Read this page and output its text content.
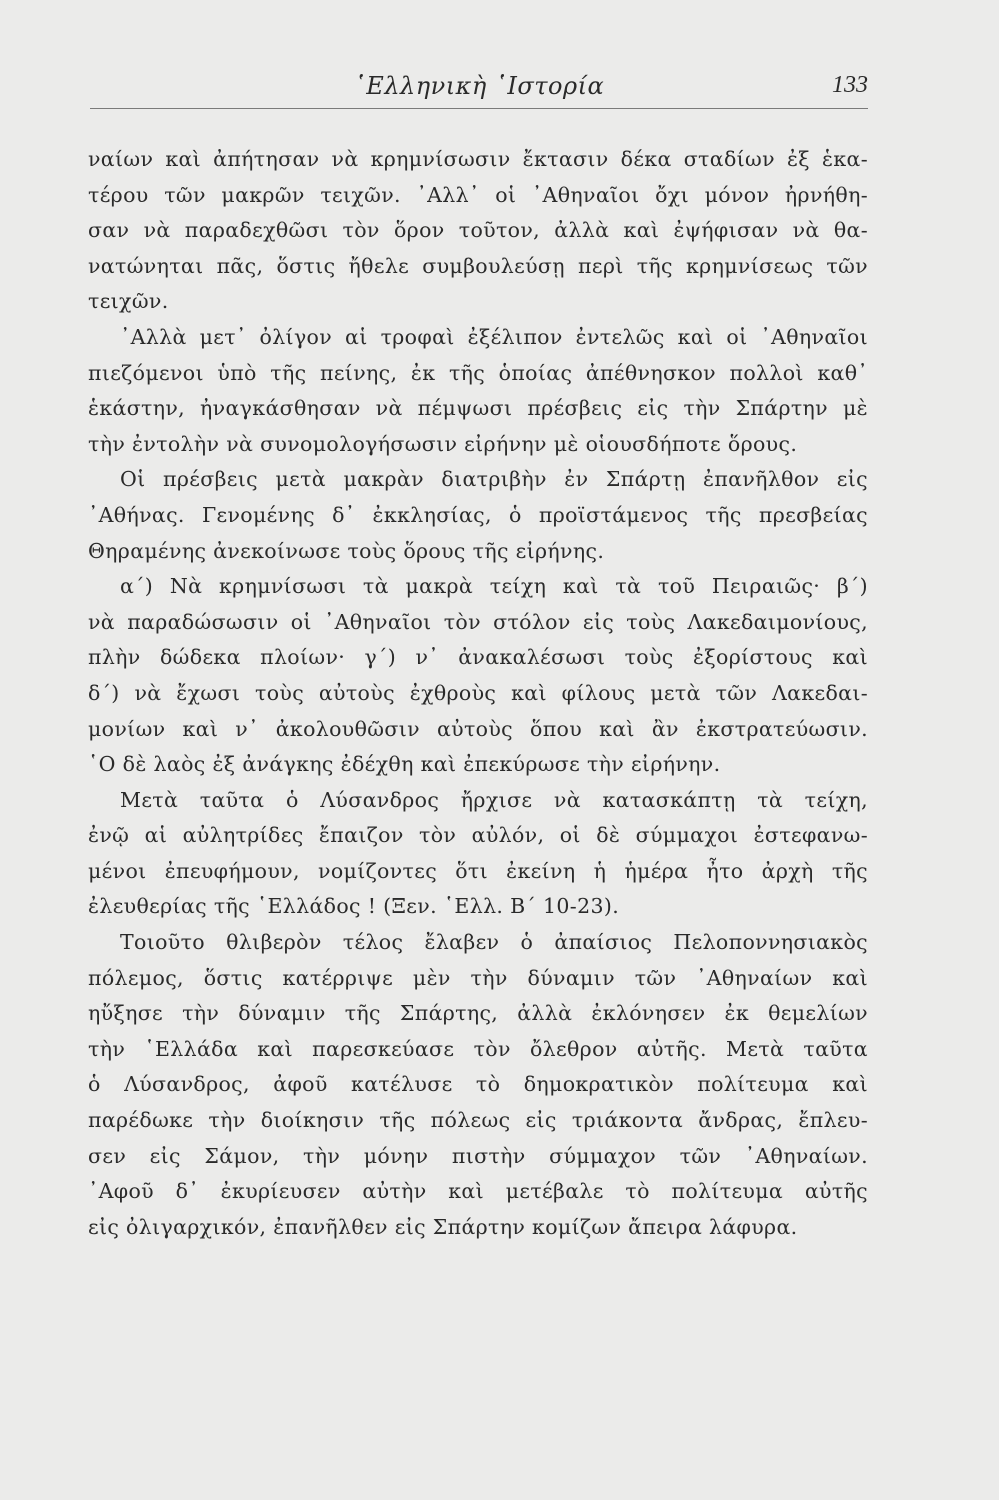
῾Ελληνικὴ ῾Ιστορία	133
ναίων καὶ ἀπήτησαν νὰ κρημνίσωσιν ἔκτασιν δέκα σταδίων ἐξ ἑκα-
τέρου τῶν μακρῶν τειχῶν. ᾿Αλλ᾿ οἱ ᾿Αθηναῖοι ὄχι μόνον ἠρνήθη-
σαν νὰ παραδεχθῶσι τὸν ὅρον τοῦτον, ἀλλὰ καὶ ἐψήφισαν νὰ θα-
νατώνηται πᾶς, ὅστις ἤθελε συμβουλεύσῃ περὶ τῆς κρημνίσεως τῶν
τειχῶν.
᾿Αλλὰ μετ᾿ ὀλίγον αἱ τροφαὶ ἐξέλιπον ἐντελῶς καὶ οἱ ᾿Αθηναῖοι
πιεζόμενοι ὑπὸ τῆς πείνης, ἐκ τῆς ὁποίας ἀπέθνησκον πολλοὶ καθ᾿
ἑκάστην, ἠναγκάσθησαν νὰ πέμψωσι πρέσβεις εἰς τὴν Σπάρτην μὲ
τὴν ἐντολὴν νὰ συνομολογήσωσιν εἰρήνην μὲ οἱουσδήποτε ὅρους.
Οἱ πρέσβεις μετὰ μακρὰν διατριβὴν ἐν Σπάρτῃ ἐπανῆλθον εἰς
᾿Αθήνας. Γενομένης δ᾿ ἐκκλησίας, ὁ προϊστάμενος τῆς πρεσβείας
Θηραμένης ἀνεκοίνωσε τοὺς ὅρους τῆς εἰρήνης.
α΄) Νὰ κρημνίσωσι τὰ μακρὰ τείχη καὶ τὰ τοῦ Πειραιῶς· β΄)
νὰ παραδώσωσιν οἱ ᾿Αθηναῖοι τὸν στόλον εἰς τοὺς Λακεδαιμονίους,
πλὴν δώδεκα πλοίων· γ΄) ν᾿ ἀνακαλέσωσι τοὺς ἐξορίστους καὶ
δ΄) νὰ ἔχωσι τοὺς αὐτοὺς ἐχθροὺς καὶ φίλους μετὰ τῶν Λακεδαι-
μονίων καὶ ν᾿ ἀκολουθῶσιν αὐτοὺς ὅπου καὶ ἂν ἐκστρατεύωσιν.
῾Ο δὲ λαὸς ἐξ ἀνάγκης ἐδέχθη καὶ ἐπεκύρωσε τὴν εἰρήνην.
Μετὰ ταῦτα ὁ Λύσανδρος ἤρχισε νὰ κατασκάπτῃ τὰ τείχη,
ἐνῷ αἱ αὐλητρίδες ἔπαιζον τὸν αὐλόν, οἱ δὲ σύμμαχοι ἐστεφανω-
μένοι ἐπευφήμουν, νομίζοντες ὅτι ἐκείνη ἡ ἡμέρα ἦτο ἀρχὴ τῆς
ἐλευθερίας τῆς ῾Ελλάδος ! (Ξεν. ῾Ελλ. Β΄ 10-23).
Τοιοῦτο θλιβερὸν τέλος ἔλαβεν ὁ ἀπαίσιος Πελοποννησιακὸς
πόλεμος, ὅστις κατέρριψε μὲν τὴν δύναμιν τῶν ᾿Αθηναίων καὶ
ηὔξησε τὴν δύναμιν τῆς Σπάρτης, ἀλλὰ ἐκλόνησεν ἐκ θεμελίων
τὴν ῾Ελλάδα καὶ παρεσκεύασε τὸν ὄλεθρον αὐτῆς. Μετὰ ταῦτα
ὁ Λύσανδρος, ἀφοῦ κατέλυσε τὸ δημοκρατικὸν πολίτευμα καὶ
παρέδωκε τὴν διοίκησιν τῆς πόλεως εἰς τριάκοντα ἄνδρας, ἔπλευ-
σεν εἰς Σάμον, τὴν μόνην πιστὴν σύμμαχον τῶν ᾿Αθηναίων.
᾿Αφοῦ δ᾿ ἐκυρίευσεν αὐτὴν καὶ μετέβαλε τὸ πολίτευμα αὐτῆς
εἰς ὀλιγαρχικόν, ἐπανῆλθεν εἰς Σπάρτην κομίζων ἄπειρα λάφυρα.
